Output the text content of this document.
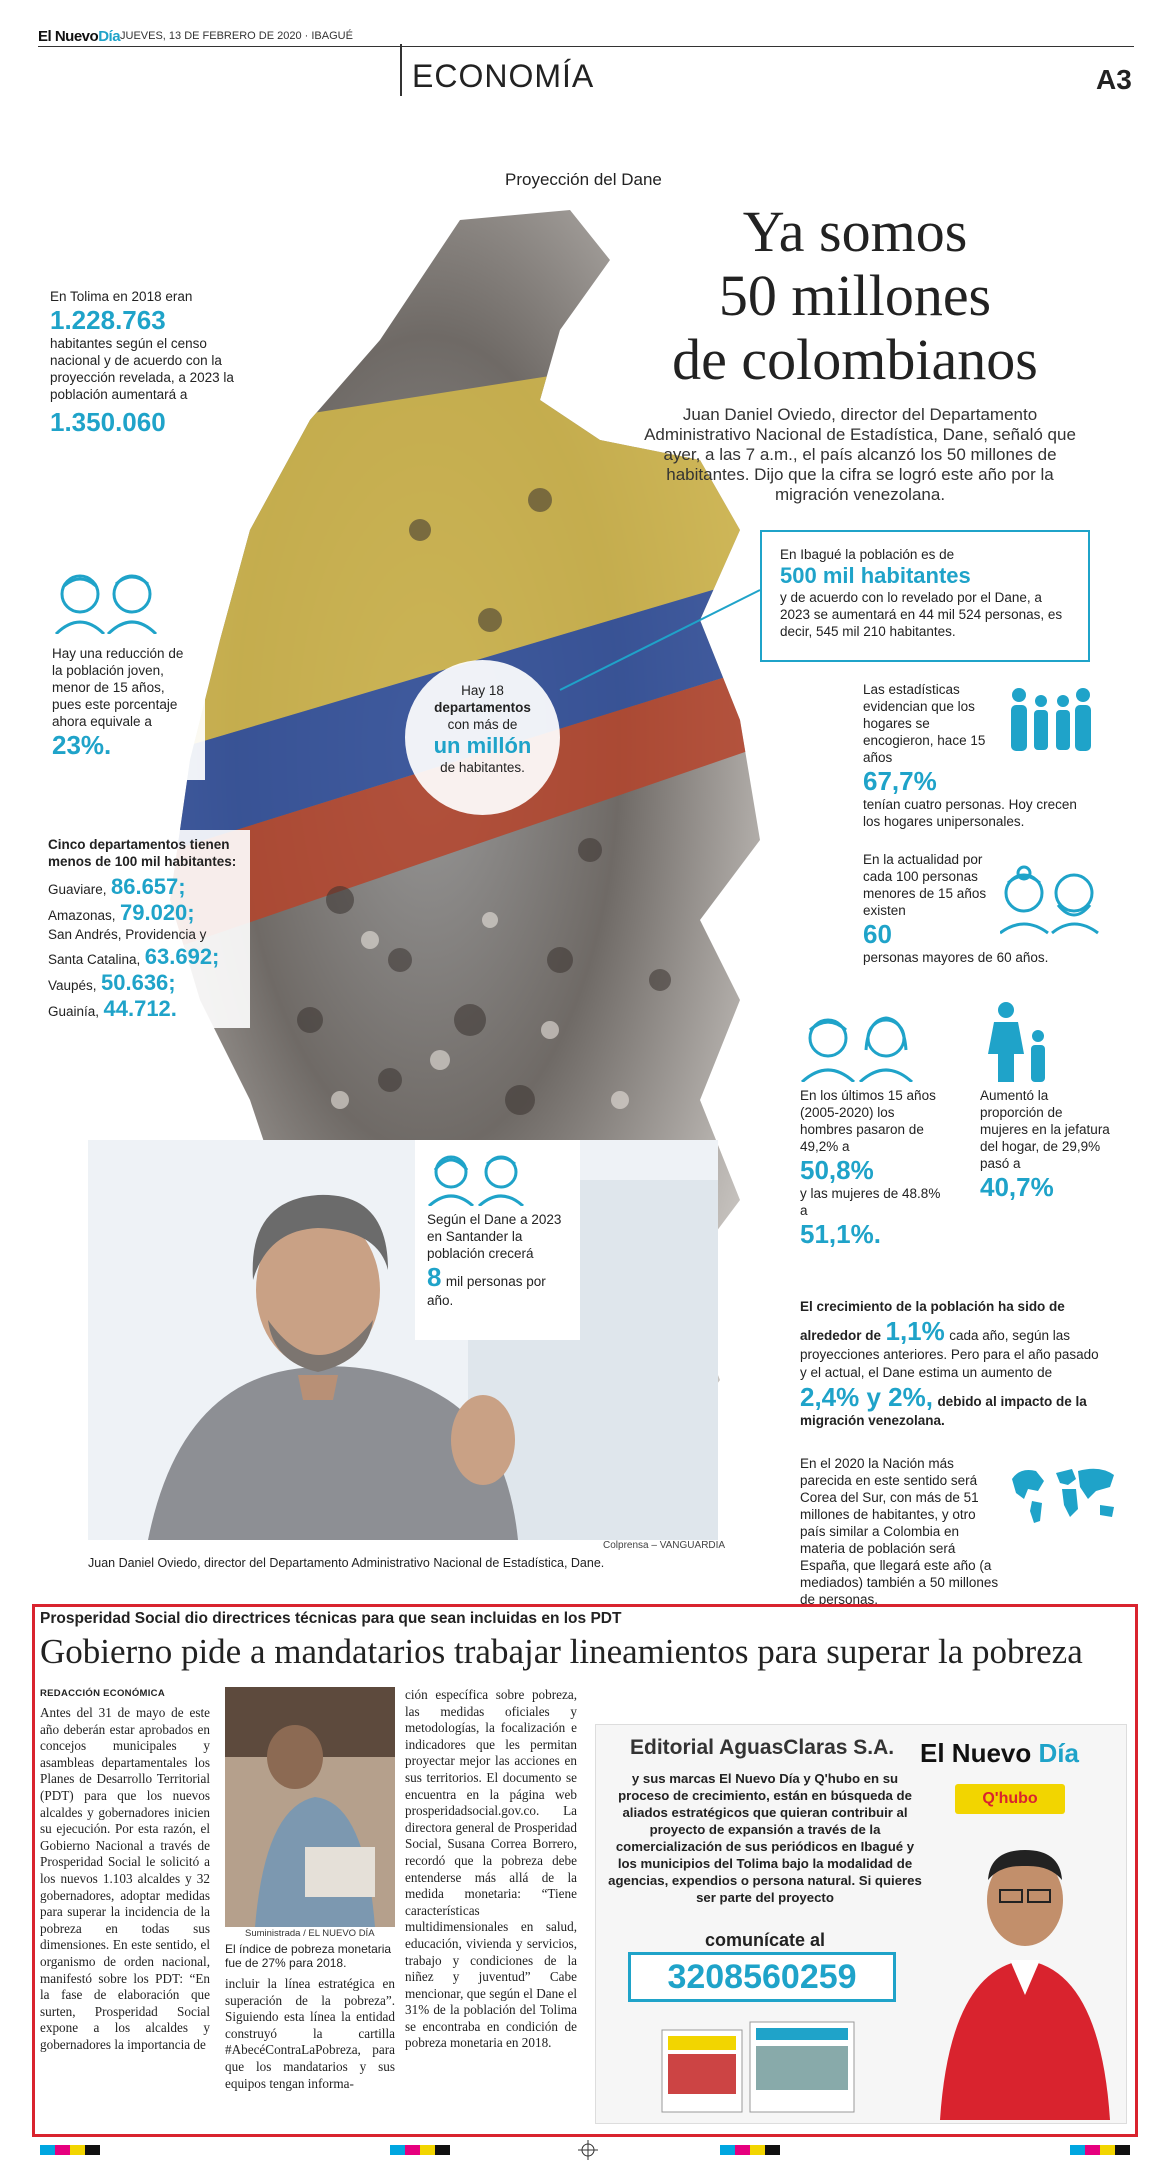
El NuevoDía JUEVES, 13 DE FEBRERO DE 2020 · IBAGUÉ
ECONOMÍA	A3
Proyección del Dane
Ya somos
50 millones
de colombianos
Juan Daniel Oviedo, director del Departamento Administrativo Nacional de Estadística, Dane, señaló que ayer, a las 7 a.m., el país alcanzó los 50 millones de habitantes. Dijo que la cifra se logró este año por la migración venezolana.
En Tolima en 2018 eran
1.228.763
habitantes según el censo nacional y de acuerdo con la proyección revelada, a 2023 la población aumentará a
1.350.060
En Ibagué la población es de
500 mil habitantes
y de acuerdo con lo revelado por el Dane, a 2023 se aumentará en 44 mil 524 personas, es decir, 545 mil 210 habitantes.
Hay una reducción de la población joven, menor de 15 años, pues este porcentaje ahora equivale a
23%.
Hay 18
departamentos
con más de
un millón
de habitantes.
Cinco departamentos tienen menos de 100 mil habitantes:
Guaviare, 86.657;
Amazonas, 79.020;
San Andrés, Providencia y Santa Catalina, 63.692;
Vaupés, 50.636;
Guainía, 44.712.
Las estadísticas evidencian que los hogares se encogieron, hace 15 años
67,7%
tenían cuatro personas. Hoy crecen los hogares unipersonales.
En la actualidad por cada 100 personas menores de 15 años existen
60
personas mayores de 60 años.
En los últimos 15 años (2005-2020) los hombres pasaron de 49,2% a
50,8%
y las mujeres de 48.8% a
51,1%.
Aumentó la proporción de mujeres en la jefatura del hogar, de 29,9% pasó a
40,7%
El crecimiento de la población ha sido de alrededor de 1,1% cada año, según las proyecciones anteriores. Pero para el año pasado y el actual, el Dane estima un aumento de 2,4% y 2%, debido al impacto de la migración venezolana.
En el 2020 la Nación más parecida en este sentido será Corea del Sur, con más de 51 millones de habitantes, y otro país similar a Colombia en materia de población será España, que llegará este año (a mediados) también a 50 millones de personas.
Colprensa – VANGUARDIA
Juan Daniel Oviedo, director del Departamento Administrativo Nacional de Estadística, Dane.
Según el Dane a 2023 en Santander la población crecerá
8 mil personas por año.
Prosperidad Social dio directrices técnicas para que sean incluidas en los PDT
Gobierno pide a mandatarios trabajar lineamientos para superar la pobreza
REDACCIÓN ECONÓMICA
Antes del 31 de mayo de este año deberán estar aprobados en concejos municipales y asambleas departamentales los Planes de Desarrollo Territorial (PDT) para que los nuevos alcaldes y gobernadores inicien su ejecución. Por esta razón, el Gobierno Nacional a través de Prosperidad Social le solicitó a los nuevos 1.103 alcaldes y 32 gobernadores, adoptar medidas para superar la incidencia de la pobreza en todas sus dimensiones. En este sentido, el organismo de orden nacional, manifestó sobre los PDT: “En la fase de elaboración que surten, Prosperidad Social expone a los alcaldes y gobernadores la importancia de
Suministrada / EL NUEVO DÍA
El índice de pobreza monetaria fue de 27% para 2018.
incluir la línea estratégica en superación de la pobreza”. Siguiendo esta línea la entidad construyó la cartilla #AbecéContraLaPobreza, para que los mandatarios y sus equipos tengan informa-
ción específica sobre pobreza, las medidas oficiales y metodologías, la focalización e indicadores que les permitan proyectar mejor las acciones en sus territorios. El documento se encuentra en la página web prosperidadsocial.gov.co. La directora general de Prosperidad Social, Susana Correa Borrero, recordó que la pobreza debe entenderse más allá de la medida monetaria: “Tiene características multidimensionales en salud, educación, vivienda y servicios, trabajo y condiciones de la niñez y juventud” Cabe mencionar, que según el Dane el 31% de la población del Tolima se encontraba en condición de pobreza monetaria en 2018.
Editorial AguasClaras S.A. El Nuevo Día
Q'hubo
y sus marcas El Nuevo Día y Q'hubo en su proceso de crecimiento, están en búsqueda de aliados estratégicos que quieran contribuir al proyecto de expansión a través de la comercialización de sus periódicos en Ibagué y los municipios del Tolima bajo la modalidad de agencias, expendios o persona natural. Si quieres ser parte del proyecto
comunícate al
3208560259
